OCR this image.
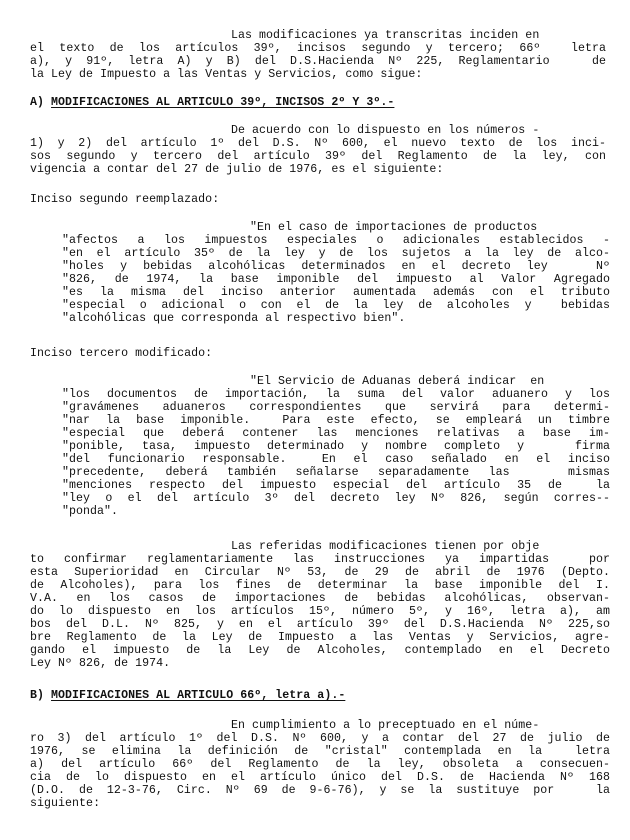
Las modificaciones ya transcritas inciden en
el texto de los artículos 39º, incisos segundo y tercero; 66º  letra
a), y 91º, letra A) y B) del D.S.Hacienda Nº 225, Reglamentario   de
la Ley de Impuesto a las Ventas y Servicios, como sigue:
A) MODIFICACIONES AL ARTICULO 39º, INCISOS 2º Y 3º.-
De acuerdo con lo dispuesto en los números -
1) y 2) del artículo 1º del D.S. Nº 600, el nuevo texto de los inci-
sos segundo y tercero del artículo 39º del Reglamento de la ley, con
vigencia a contar del 27 de julio de 1976, es el siguiente:
Inciso segundo reemplazado:
"En el caso de importaciones de productos
"afectos a los impuestos especiales o adicionales establecidos -
"en el artículo 35º de la ley y de los sujetos a la ley de alco-
"holes y bebidas alcohólicas determinados en el decreto ley   Nº
"826, de 1974, la base imponible del impuesto al Valor Agregado
"es la misma del inciso anterior aumentada además con el tributo
"especial o adicional o con el de la ley de alcoholes y  bebidas
"alcohólicas que corresponda al respectivo bien".
Inciso tercero modificado:
"El Servicio de Aduanas deberá indicar  en
"los documentos de importación, la suma del valor aduanero y los
"gravámenes aduaneros correspondientes que servirá para determi-
"nar la base imponible.  Para este efecto, se empleará un timbre
"especial que deberá contener las menciones relativas a base im-
"ponible, tasa, impuesto determinado y nombre completo y   firma
"del funcionario responsable.  En el caso señalado en el inciso
"precedente, deberá también señalarse separadamente las   mismas
"menciones respecto del impuesto especial del artículo 35 de  la
"ley o el del artículo 3º del decreto ley Nº 826, según corres--
"ponda".
Las referidas modificaciones tienen por obje
to confirmar reglamentariamente las instrucciones ya impartidas  por
esta Superioridad en Circular Nº 53, de 29 de abril de 1976 (Depto.
de Alcoholes), para los fines de determinar la base imponible del I.
V.A. en los casos de importaciones de bebidas alcohólicas, observan-
do lo dispuesto en los artículos 15º, número 5º, y 16º, letra a), am
bos del D.L. Nº 825, y en el artículo 39º del D.S.Hacienda Nº 225,so
bre Reglamento de la Ley de Impuesto a las Ventas y Servicios, agre-
gando el impuesto de la Ley de Alcoholes, contemplado en el Decreto
Ley Nº 826, de 1974.
B) MODIFICACIONES AL ARTICULO 66º, letra a).-
En cumplimiento a lo preceptuado en el núme-
ro 3) del artículo 1º del D.S. Nº 600, y a contar del 27 de julio de
1976, se elimina la definición de "cristal" contemplada en la  letra
a) del artículo 66º del Reglamento de la ley, obsoleta a consecuen-
cia de lo dispuesto en el artículo único del D.S. de Hacienda Nº 168
(D.O. de 12-3-76, Circ. Nº 69 de 9-6-76), y se la sustituye por   la
siguiente:
